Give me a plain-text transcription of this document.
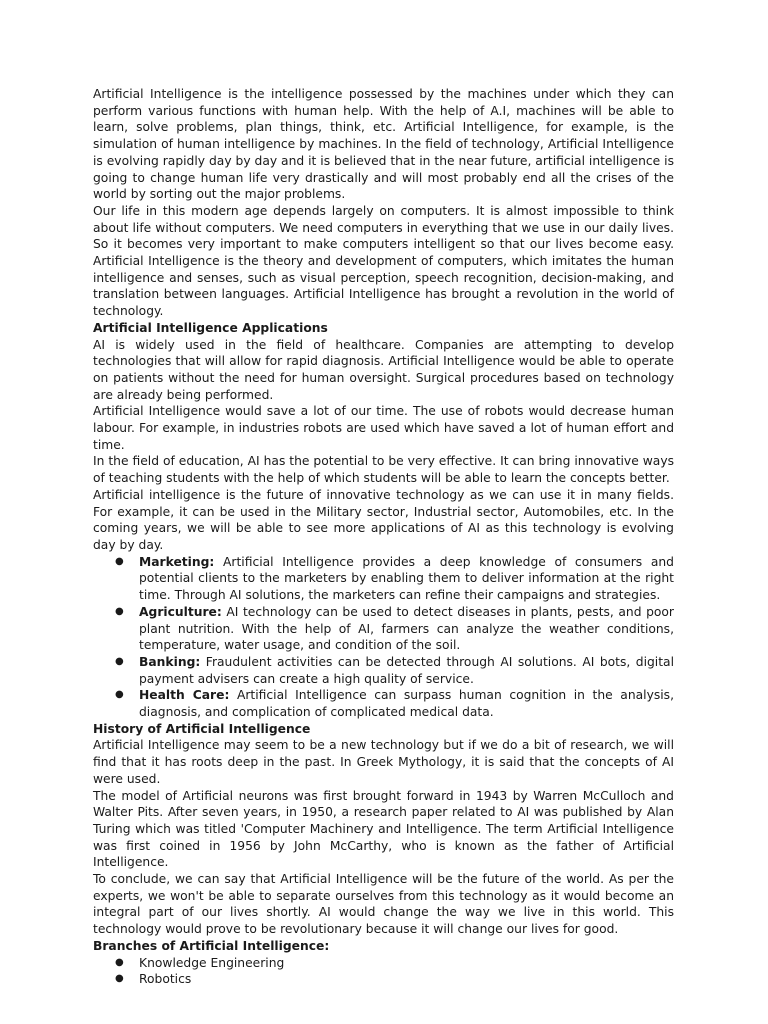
Artificial Intelligence is the intelligence possessed by the machines under which they can perform various functions with human help. With the help of A.I, machines will be able to learn, solve problems, plan things, think, etc. Artificial Intelligence, for example, is the simulation of human intelligence by machines. In the field of technology, Artificial Intelligence is evolving rapidly day by day and it is believed that in the near future, artificial intelligence is going to change human life very drastically and will most probably end all the crises of the world by sorting out the major problems.

Our life in this modern age depends largely on computers. It is almost impossible to think about life without computers. We need computers in everything that we use in our daily lives. So it becomes very important to make computers intelligent so that our lives become easy. Artificial Intelligence is the theory and development of computers, which imitates the human intelligence and senses, such as visual perception, speech recognition, decision-making, and translation between languages. Artificial Intelligence has brought a revolution in the world of technology.

Artificial Intelligence Applications

AI is widely used in the field of healthcare. Companies are attempting to develop technologies that will allow for rapid diagnosis. Artificial Intelligence would be able to operate on patients without the need for human oversight. Surgical procedures based on technology are already being performed.

Artificial Intelligence would save a lot of our time. The use of robots would decrease human labour. For example, in industries robots are used which have saved a lot of human effort and time.

In the field of education, AI has the potential to be very effective. It can bring innovative ways of teaching students with the help of which students will be able to learn the concepts better.

Artificial intelligence is the future of innovative technology as we can use it in many fields. For example, it can be used in the Military sector, Industrial sector, Automobiles, etc. In the coming years, we will be able to see more applications of AI as this technology is evolving day by day.

● Marketing: Artificial Intelligence provides a deep knowledge of consumers and potential clients to the marketers by enabling them to deliver information at the right time. Through AI solutions, the marketers can refine their campaigns and strategies.
● Agriculture: AI technology can be used to detect diseases in plants, pests, and poor plant nutrition. With the help of AI, farmers can analyze the weather conditions, temperature, water usage, and condition of the soil.
● Banking: Fraudulent activities can be detected through AI solutions. AI bots, digital payment advisers can create a high quality of service.
● Health Care: Artificial Intelligence can surpass human cognition in the analysis, diagnosis, and complication of complicated medical data.
History of Artificial Intelligence

Artificial Intelligence may seem to be a new technology but if we do a bit of research, we will find that it has roots deep in the past. In Greek Mythology, it is said that the concepts of AI were used.

The model of Artificial neurons was first brought forward in 1943 by Warren McCulloch and Walter Pits. After seven years, in 1950, a research paper related to AI was published by Alan Turing which was titled 'Computer Machinery and Intelligence. The term Artificial Intelligence was first coined in 1956 by John McCarthy, who is known as the father of Artificial Intelligence.

To conclude, we can say that Artificial Intelligence will be the future of the world. As per the experts, we won't be able to separate ourselves from this technology as it would become an integral part of our lives shortly. AI would change the way we live in this world. This technology would prove to be revolutionary because it will change our lives for good.

Branches of Artificial Intelligence:
● Knowledge Engineering
● Robotics
